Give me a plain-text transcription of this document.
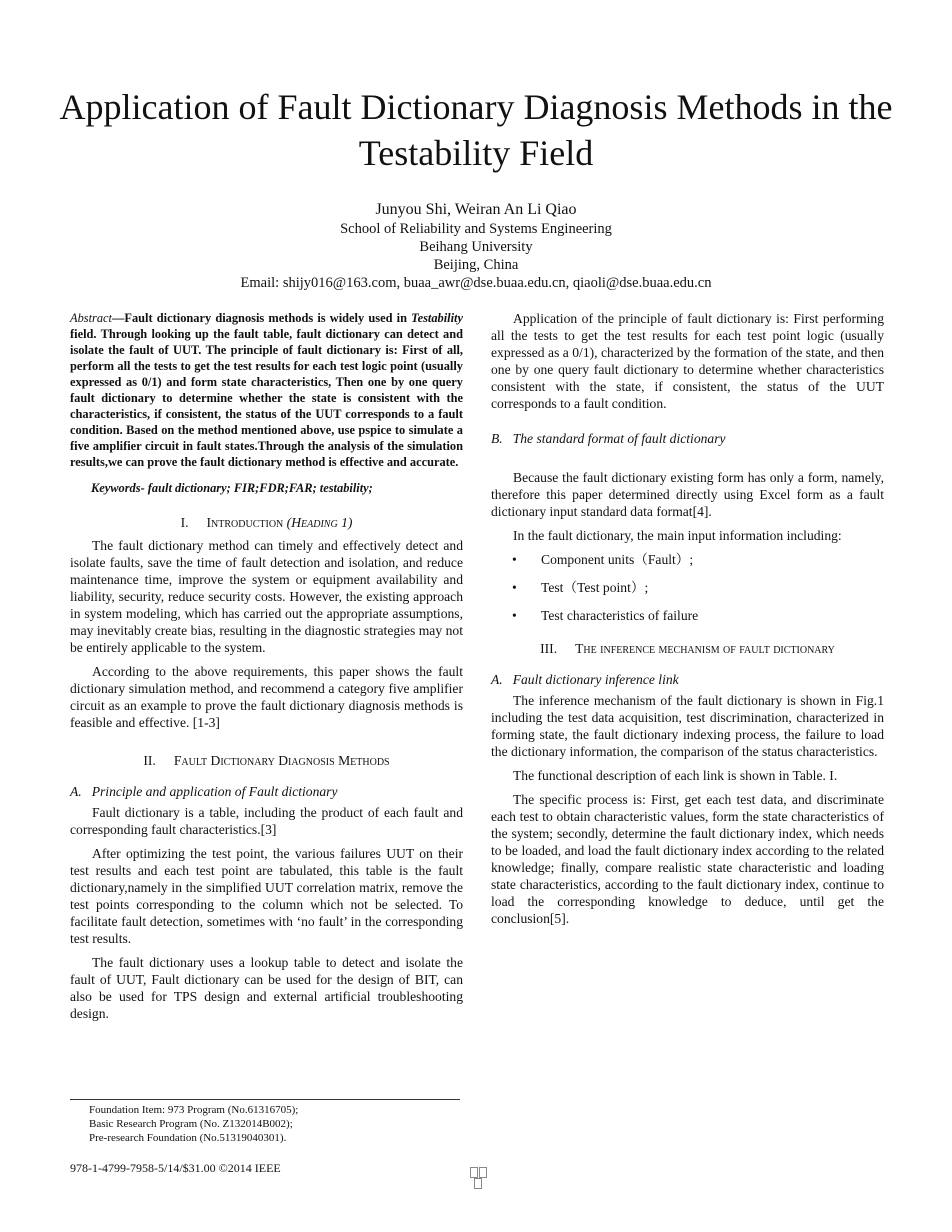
Application of Fault Dictionary Diagnosis Methods in the Testability Field
Junyou Shi, Weiran An Li Qiao
School of Reliability and Systems Engineering
Beihang University
Beijing, China
Email: shijy016@163.com, buaa_awr@dse.buaa.edu.cn, qiaoli@dse.buaa.edu.cn

Abstract—Fault dictionary diagnosis methods is widely used in Testability field. Through looking up the fault table, fault dictionary can detect and isolate the fault of UUT. The principle of fault dictionary is: First of all, perform all the tests to get the test results for each test logic point (usually expressed as 0/1) and form state characteristics, Then one by one query fault dictionary to determine whether the state is consistent with the characteristics, if consistent, the status of the UUT corresponds to a fault condition. Based on the method mentioned above, use pspice to simulate a five amplifier circuit in fault states.Through the analysis of the simulation results,we can prove the fault dictionary method is effective and accurate.

Keywords- fault dictionary; FIR;FDR;FAR; testability;

I. Introduction (Heading 1)

The fault dictionary method can timely and effectively detect and isolate faults, save the time of fault detection and isolation, and reduce maintenance time, improve the system or equipment availability and liability, security, reduce security costs. However, the existing approach in system modeling, which has carried out the appropriate assumptions, may inevitably create bias, resulting in the diagnostic strategies may not be entirely applicable to the system.

According to the above requirements, this paper shows the fault dictionary simulation method, and recommend a category five amplifier circuit as an example to prove the fault dictionary diagnosis methods is feasible and effective. [1-3]

II. Fault Dictionary Diagnosis Methods
A. Principle and application of Fault dictionary

Fault dictionary is a table, including the product of each fault and corresponding fault characteristics.[3]

After optimizing the test point, the various failures UUT on their test results and each test point are tabulated, this table is the fault dictionary,namely in the simplified UUT correlation matrix, remove the test points corresponding to the column which not be selected. To facilitate fault detection, sometimes with ‘no fault’ in the corresponding test results.

The fault dictionary uses a lookup table to detect and isolate the fault of UUT, Fault dictionary can be used for the design of BIT, can also be used for TPS design and external artificial troubleshooting design.

Application of the principle of fault dictionary is: First performing all the tests to get the test results for each test point logic (usually expressed as a 0/1), characterized by the formation of the state, and then one by one query fault dictionary to determine whether characteristics consistent with the state, if consistent, the status of the UUT corresponds to a fault condition.

B. The standard format of fault dictionary

Because the fault dictionary existing form has only a form, namely, therefore this paper determined directly using Excel form as a fault dictionary input standard data format[4].

In the fault dictionary, the main input information including:

• Component units（Fault）;
• Test（Test point）;
• Test characteristics of failure
III. The inference mechanism of fault dictionary
A. Fault dictionary inference link

The inference mechanism of the fault dictionary is shown in Fig.1 including the test data acquisition, test discrimination, characterized in forming state, the fault dictionary indexing process, the failure to load the dictionary information, the comparison of the status characteristics.

The functional description of each link is shown in Table. I.

The specific process is: First, get each test data, and discriminate each test to obtain characteristic values, form the state characteristics of the system; secondly, determine the fault dictionary index, which needs to be loaded, and load the fault dictionary index according to the related knowledge; finally, compare realistic state characteristic and loading state characteristics, according to the fault dictionary index, continue to load the corresponding knowledge to deduce, until get the conclusion[5].

Foundation Item: 973 Program (No.61316705);
Basic Research Program (No. Z132014B002);
Pre-research Foundation (No.51319040301).
978-1-4799-7958-5/14/$31.00 ©2014 IEEE
